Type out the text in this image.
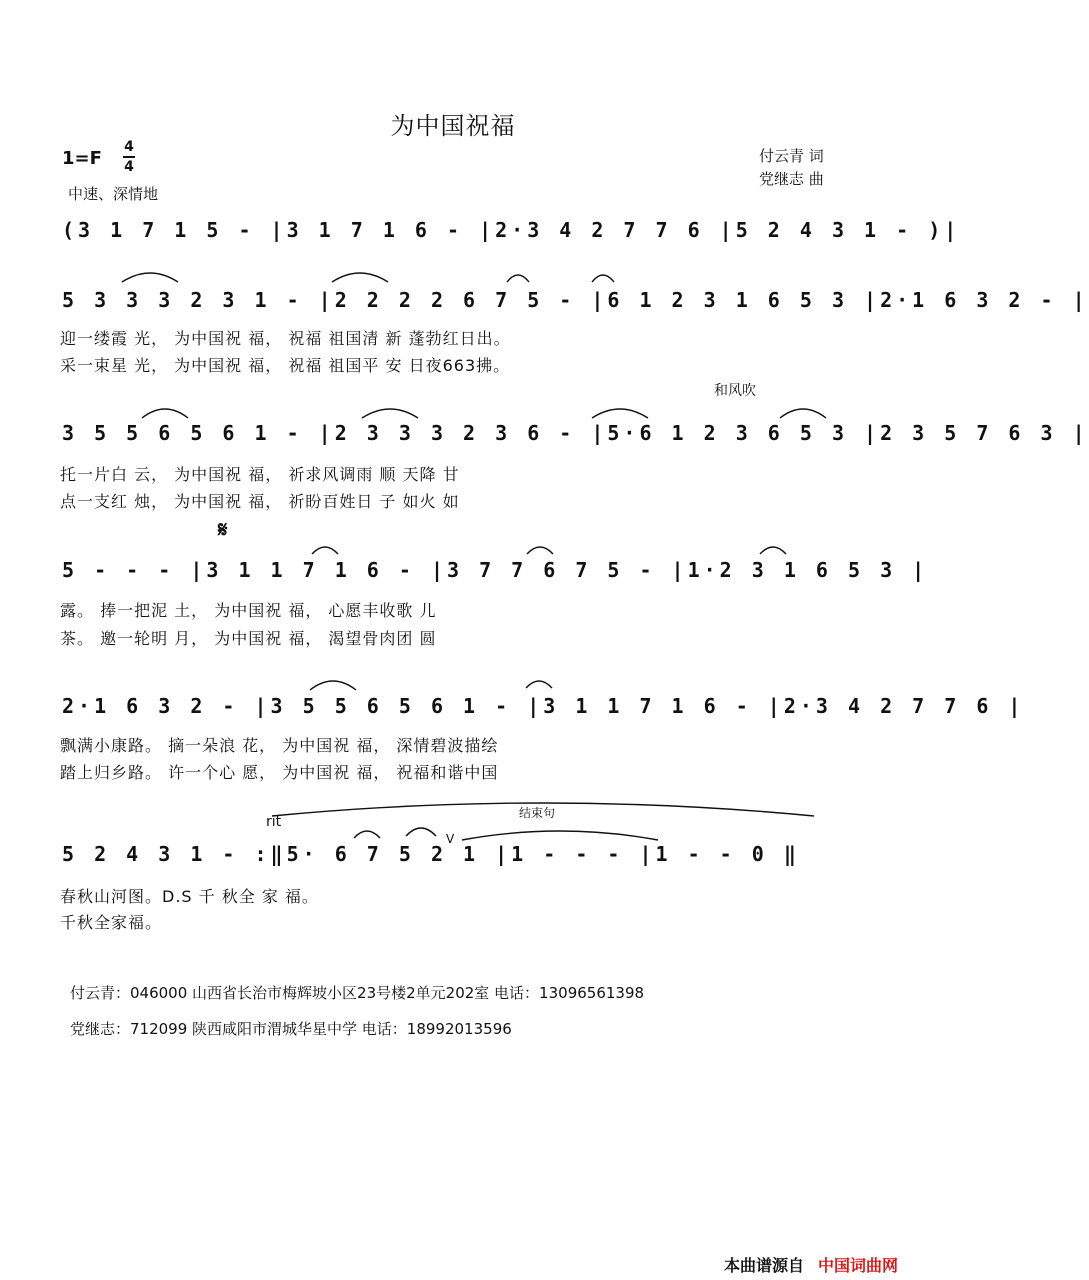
为中国祝福
1=F
4
4
中速、深情地
付云青 词
党继志 曲
(3 1 7 1 5 - |3 1 7 1 6 - |2·3 4 2 7 7 6 |5 2 4 3 1 - )|
5 3 3 3 2 3 1 - |2 2 2 2 6 7 5 - |6 1 2 3 1 6 5 3 |2·1 6 3 2 - |
迎一缕霞 光， 为中国祝 福， 祝福 祖国清 新 蓬勃红日出。
采一束星 光， 为中国祝 福， 祝福 祖国平 安 日夜663拂。
和风吹
3 5 5 6 5 6 1 - |2 3 3 3 2 3 6 - |5·6 1 2 3 6 5 3 |2 3 5 7 6 3 |
托一片白 云， 为中国祝 福， 祈求风调雨 顺 天降 甘
点一支红 烛， 为中国祝 福， 祈盼百姓日 子 如火 如
𝄋
5 - - - |3 1 1 7 1 6 - |3 7 7 6 7 5 - |1·2 3 1 6 5 3 |
露。 捧一把泥 土， 为中国祝 福， 心愿丰收歌 儿
茶。 邀一轮明 月， 为中国祝 福， 渴望骨肉团 圆
2·1 6 3 2 - |3 5 5 6 5 6 1 - |3 1 1 7 1 6 - |2·3 4 2 7 7 6 |
飘满小康路。 摘一朵浪 花， 为中国祝 福， 深情碧波描绘
踏上归乡路。 许一个心 愿， 为中国祝 福， 祝福和谐中国
rit
结束句
V
5 2 4 3 1 - :‖5· 6 7 5 2 1 |1 - - - |1 - - 0 ‖
春秋山河图。D.S 千 秋全 家 福。
千秋全家福。
付云青：046000 山西省长治市梅辉坡小区23号楼2单元202室 电话：13096561398
党继志：712099 陕西咸阳市渭城华星中学 电话：18992013596
本曲谱源自 中国词曲网
